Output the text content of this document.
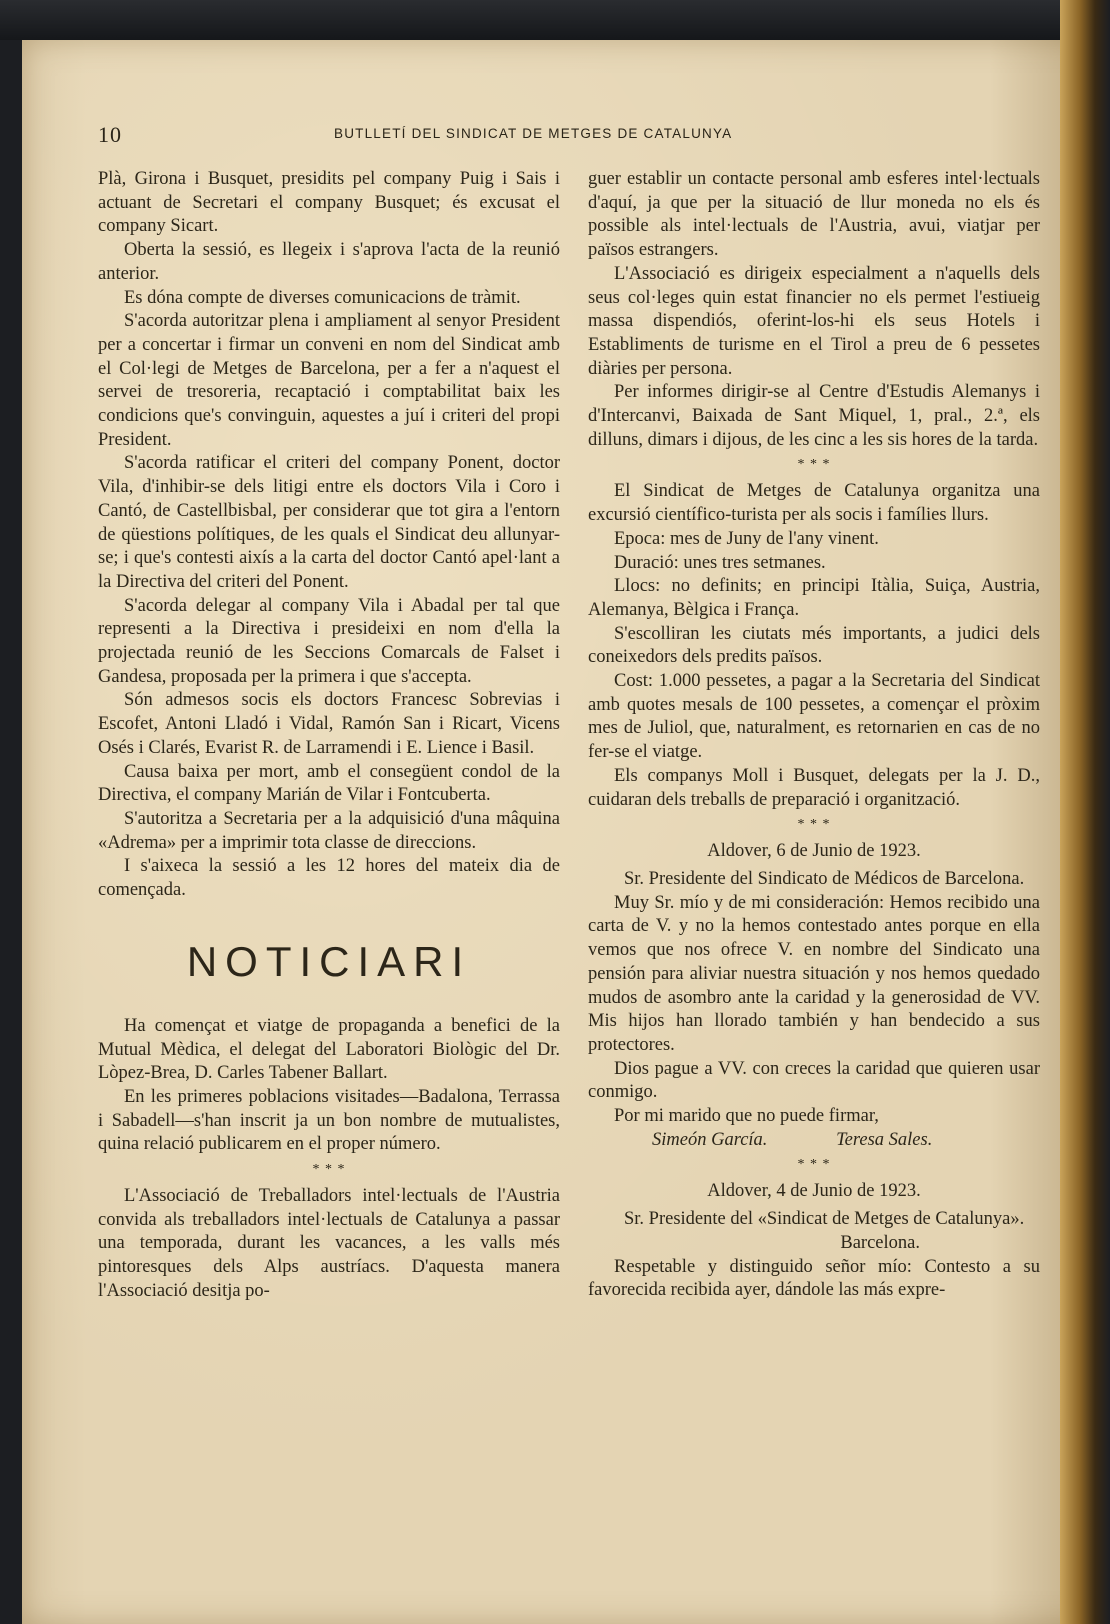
10	BUTLLETÍ DEL SINDICAT DE METGES DE CATALUNYA

Plà, Girona i Busquet, presidits pel company Puig i Sais i actuant de Secretari el company Busquet; és excusat el company Sicart.

Oberta la sessió, es llegeix i s'aprova l'acta de la reunió anterior.

Es dóna compte de diverses comunicacions de tràmit.

S'acorda autoritzar plena i ampliament al senyor President per a concertar i firmar un conveni en nom del Sindicat amb el Col·legi de Metges de Barcelona, per a fer a n'aquest el servei de tresoreria, recaptació i comptabilitat baix les condicions que's convinguin, aquestes a juí i criteri del propi President.

S'acorda ratificar el criteri del company Ponent, doctor Vila, d'inhibir-se dels litigi entre els doctors Vila i Coro i Cantó, de Castellbisbal, per considerar que tot gira a l'entorn de qüestions polítiques, de les quals el Sindicat deu allunyar-se; i que's contesti aixís a la carta del doctor Cantó apel·lant a la Directiva del criteri del Ponent.

S'acorda delegar al company Vila i Abadal per tal que representi a la Directiva i presideixi en nom d'ella la projectada reunió de les Seccions Comarcals de Falset i Gandesa, proposada per la primera i que s'accepta.

Són admesos socis els doctors Francesc Sobrevias i Escofet, Antoni Lladó i Vidal, Ramón San i Ricart, Vicens Osés i Clarés, Evarist R. de Larramendi i E. Lience i Basil.

Causa baixa per mort, amb el consegüent condol de la Directiva, el company Marián de Vilar i Fontcuberta.

S'autoritza a Secretaria per a la adquisició d'una mâquina «Adrema» per a imprimir tota classe de direccions.

I s'aixeca la sessió a les 12 hores del mateix dia de començada.

NOTICIARI

Ha començat et viatge de propaganda a benefici de la Mutual Mèdica, el delegat del Laboratori Biològic del Dr. Lòpez-Brea, D. Carles Tabener Ballart.

En les primeres poblacions visitades—Badalona, Terrassa i Sabadell—s'han inscrit ja un bon nombre de mutualistes, quina relació publicarem en el proper número.

* * *

L'Associació de Treballadors intel·lectuals de l'Austria convida als treballadors intel·lectuals de Catalunya a passar una temporada, durant les vacances, a les valls més pintoresques dels Alps austríacs. D'aquesta manera l'Associació desitja po-

guer establir un contacte personal amb esferes intel·lectuals d'aquí, ja que per la situació de llur moneda no els és possible als intel·lectuals de l'Austria, avui, viatjar per països estrangers.

L'Associació es dirigeix especialment a n'aquells dels seus col·leges quin estat financier no els permet l'estiueig massa dispendiós, oferint-los-hi els seus Hotels i Establiments de turisme en el Tirol a preu de 6 pessetes diàries per persona.

Per informes dirigir-se al Centre d'Estudis Alemanys i d'Intercanvi, Baixada de Sant Miquel, 1, pral., 2.ª, els dilluns, dimars i dijous, de les cinc a les sis hores de la tarda.

* * *

El Sindicat de Metges de Catalunya organitza una excursió científico-turista per als socis i famílies llurs.

Epoca: mes de Juny de l'any vinent.

Duració: unes tres setmanes.

Llocs: no definits; en principi Itàlia, Suiça, Austria, Alemanya, Bèlgica i França.

S'escolliran les ciutats més importants, a judici dels coneixedors dels predits països.

Cost: 1.000 pessetes, a pagar a la Secretaria del Sindicat amb quotes mesals de 100 pessetes, a començar el pròxim mes de Juliol, que, naturalment, es retornarien en cas de no fer-se el viatge.

Els companys Moll i Busquet, delegats per la J. D., cuidaran dels treballs de preparació i organització.

* * *
Aldover, 6 de Junio de 1923.

Sr. Presidente del Sindicato de Médicos de Barcelona.

Muy Sr. mío y de mi consideración: Hemos recibido una carta de V. y no la hemos contestado antes porque en ella vemos que nos ofrece V. en nombre del Sindicato una pensión para aliviar nuestra situación y nos hemos quedado mudos de asombro ante la caridad y la generosidad de VV. Mis hijos han llorado también y han bendecido a sus protectores.

Dios pague a VV. con creces la caridad que quieren usar conmigo.

Por mi marido que no puede firmar,

Simeón García.	Teresa Sales.

* * *
Aldover, 4 de Junio de 1923.

Sr. Presidente del «Sindicat de Metges de Catalunya».

Barcelona.

Respetable y distinguido señor mío: Contesto a su favorecida recibida ayer, dándole las más expre-
